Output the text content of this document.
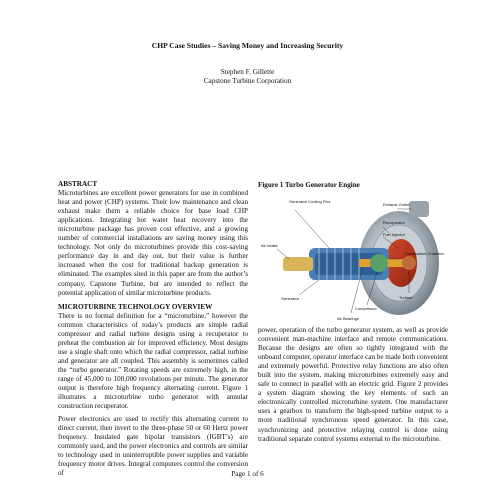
CHP Case Studies – Saving Money and Increasing Security
Stephen F. Gillette
Capstone Turbine Corporation
ABSTRACT

Microturbines are excellent power generators for use in combined heat and power (CHP) systems. Their low maintenance and clean exhaust make them a reliable choice for base load CHP applications. Integrating hot water heat recovery into the microturbine package has proven cost effective, and a growing number of commercial installations are saving money using this technology. Not only do microturbines provide this cost-saving performance day in and day out, but their value is further increased when the cost for traditional backup generation is eliminated. The examples sited in this paper are from the author’s company, Capstone Turbine, but are intended to reflect the potential application of similar microturbine products.

MICROTURBINE TECHNOLOGY OVERVIEW

There is no formal definition for a “microturbine,” however the common characteristics of today’s products are simple radial compressor and radial turbine designs using a recuperator to preheat the combustion air for improved efficiency. Most designs use a single shaft onto which the radial compressor, radial turbine and generator are all coupled. This assembly is sometimes called the “turbo generator.” Rotating speeds are extremely high, in the range of 45,000 to 100,000 revolutions per minute. The generator output is therefore high frequency alternating current. Figure 1 illustrates a microturbine turbo generator with annular construction recuperator.

Power electronics are used to rectify this alternating current to direct current, then invert to the three-phase 50 or 60 Hertz power frequency. Insulated gate bipolar transistors (IGBT’s) are commonly used, and the power electronics and controls are similar to technology used in uninterruptible power supplies and variable frequency motor drives. Integral computers control the conversion of

Figure 1 Turbo Generator Engine
Generator Cooling Fins
Exhaust Outlet
Recuperator
Fuel Injector
Air Intake
Combustion Chamber
Turbine
Compressor
Generator
Air Bearings

power, operation of the turbo generator system, as well as provide convenient man-machine interface and remote communications. Because the designs are often so tightly integrated with the onboard computer, operator interface can be made both convenient and extremely powerful. Protective relay functions are also often built into the system, making microturbines extremely easy and safe to connect in parallel with an electric grid. Figure 2 provides a system diagram showing the key elements of such an electronically controlled microturbine system. One manufacturer uses a gearbox to transform the high-speed turbine output to a more traditional synchronous speed generator. In this case, synchronizing and protective relaying control is done using traditional separate control systems external to the microturbine.

Page 1 of 6
